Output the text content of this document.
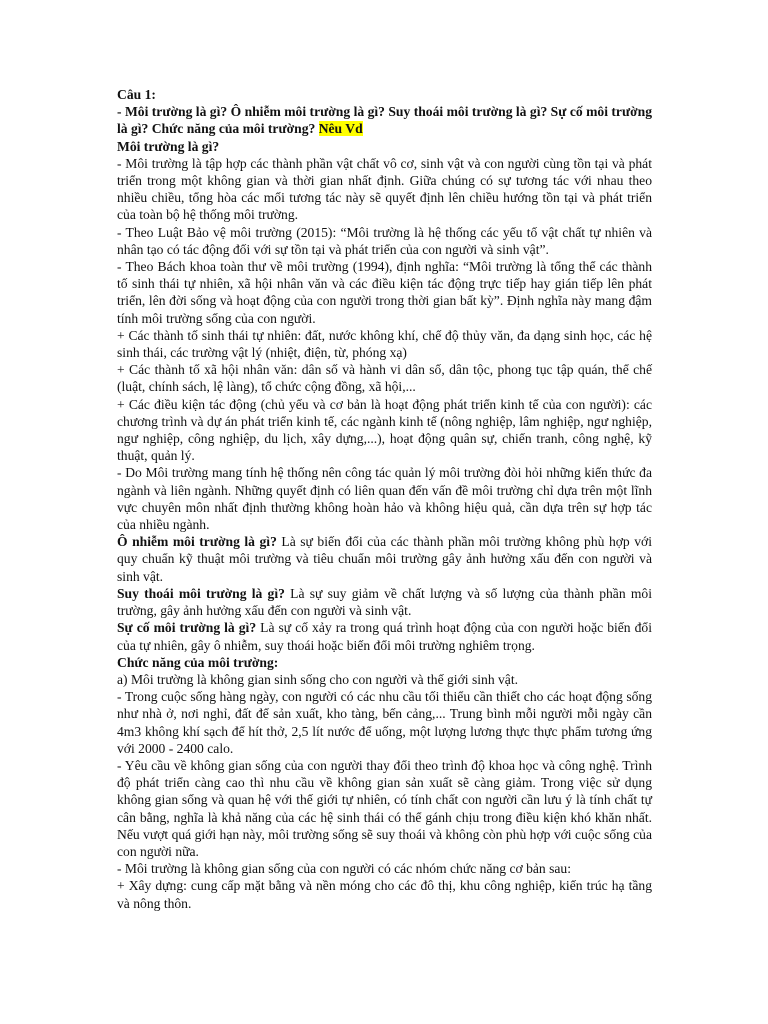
Câu 1:

- Môi trường là gì? Ô nhiễm môi trường là gì? Suy thoái môi trường là gì? Sự cố môi trường là gì? Chức năng của môi trường? Nêu Vd

Môi trường là gì?

- Môi trường là tập hợp các thành phần vật chất vô cơ, sinh vật và con người cùng tồn tại và phát triển trong một không gian và thời gian nhất định. Giữa chúng có sự tương tác với nhau theo nhiều chiều, tổng hòa các mối tương tác này sẽ quyết định lên chiều hướng tồn tại và phát triển của toàn bộ hệ thống môi trường.

- Theo Luật Bảo vệ môi trường (2015): “Môi trường là hệ thống các yếu tố vật chất tự nhiên và nhân tạo có tác động đối với sự tồn tại và phát triển của con người và sinh vật”.

- Theo Bách khoa toàn thư về môi trường (1994), định nghĩa: “Môi trường là tổng thể các thành tố sinh thái tự nhiên, xã hội nhân văn và các điều kiện tác động trực tiếp hay gián tiếp lên phát triển, lên đời sống và hoạt động của con người trong thời gian bất kỳ”. Định nghĩa này mang đậm tính môi trường sống của con người.

+ Các thành tố sinh thái tự nhiên: đất, nước không khí, chế độ thủy văn, đa dạng sinh học, các hệ sinh thái, các trường vật lý (nhiệt, điện, từ, phóng xạ)

+ Các thành tố xã hội nhân văn: dân số và hành vi dân số, dân tộc, phong tục tập quán, thể chế (luật, chính sách, lệ làng), tổ chức cộng đồng, xã hội,...

+ Các điều kiện tác động (chủ yếu và cơ bản là hoạt động phát triển kinh tế của con người): các chương trình và dự án phát triển kinh tế, các ngành kinh tế (nông nghiệp, lâm nghiệp, ngư nghiệp, ngư nghiệp, công nghiệp, du lịch, xây dựng,...), hoạt động quân sự, chiến tranh, công nghệ, kỹ thuật, quản lý.

- Do Môi trường mang tính hệ thống nên công tác quản lý môi trường đòi hỏi những kiến thức đa ngành và liên ngành. Những quyết định có liên quan đến vấn đề môi trường chỉ dựa trên một lĩnh vực chuyên môn nhất định thường không hoàn hảo và không hiệu quả, cần dựa trên sự hợp tác của nhiều ngành.

Ô nhiễm môi trường là gì? Là sự biến đổi của các thành phần môi trường không phù hợp với quy chuẩn kỹ thuật môi trường và tiêu chuẩn môi trường gây ảnh hưởng xấu đến con người và sinh vật.

Suy thoái môi trường là gì? Là sự suy giảm về chất lượng và số lượng của thành phần môi trường, gây ảnh hưởng xấu đến con người và sinh vật.

Sự cố môi trường là gì? Là sự cố xảy ra trong quá trình hoạt động của con người hoặc biến đổi của tự nhiên, gây ô nhiễm, suy thoái hoặc biến đổi môi trường nghiêm trọng.

Chức năng của môi trường:

a) Môi trường là không gian sinh sống cho con người và thế giới sinh vật.

- Trong cuộc sống hàng ngày, con người có các nhu cầu tối thiểu cần thiết cho các hoạt động sống như nhà ở, nơi nghỉ, đất để sản xuất, kho tàng, bến cảng,... Trung bình mỗi người mỗi ngày cần 4m3 không khí sạch để hít thở, 2,5 lít nước để uống, một lượng lương thực thực phẩm tương ứng với 2000 - 2400 calo.

- Yêu cầu về không gian sống của con người thay đổi theo trình độ khoa học và công nghệ. Trình độ phát triển càng cao thì nhu cầu về không gian sản xuất sẽ càng giảm. Trong việc sử dụng không gian sống và quan hệ với thế giới tự nhiên, có tính chất con người cần lưu ý là tính chất tự cân bằng, nghĩa là khả năng của các hệ sinh thái có thể gánh chịu trong điều kiện khó khăn nhất. Nếu vượt quá giới hạn này, môi trường sống sẽ suy thoái và không còn phù hợp với cuộc sống của con người nữa.

- Môi trường là không gian sống của con người có các nhóm chức năng cơ bản sau:

+ Xây dựng: cung cấp mặt bằng và nền móng cho các đô thị, khu công nghiệp, kiến trúc hạ tầng và nông thôn.
